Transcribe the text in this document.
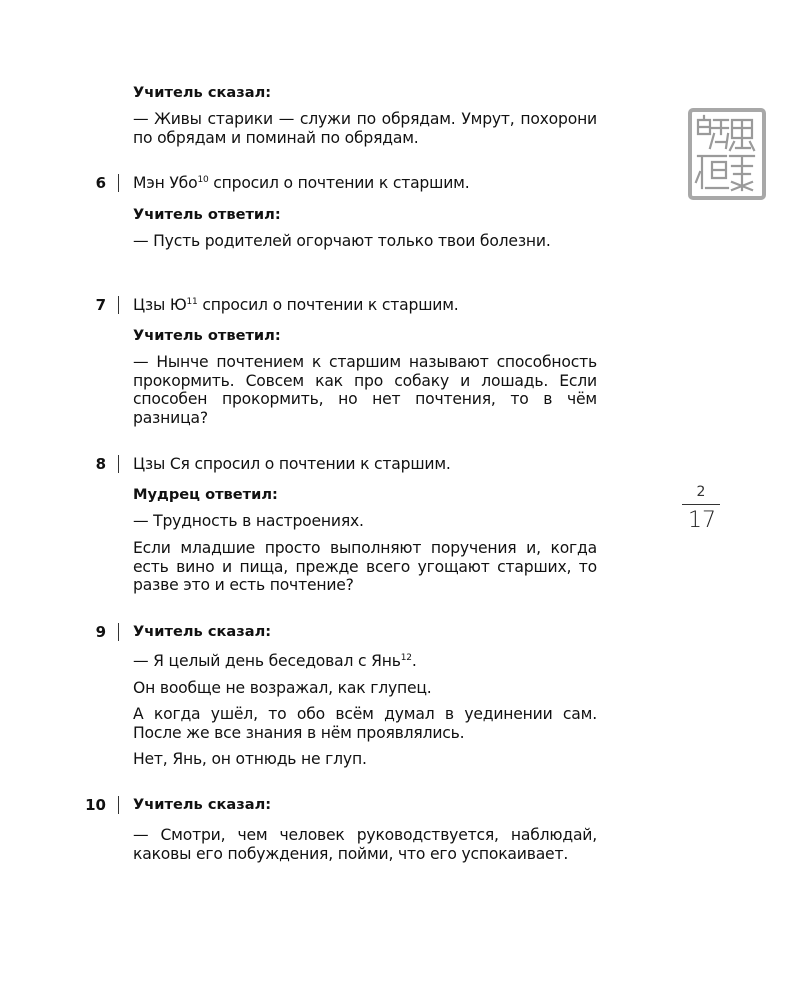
Учитель сказал:

— Живы старики — служи по обрядам. Умрут, похорони по обрядам и поминай по обрядам.

6 Мэн Убо$^{10}$ спросил о почтении к старшим.

Учитель ответил:

— Пусть родителей огорчают только твои болезни.

7 Цзы $Ю^{11}$ спросил о почтении к старшим.

Учитель ответил:

— Нынче почтением к старшим называют способность прокормить. Совсем как про собаку и лошадь. Если способен прокормить, но нет почтения, то в чём разница?

8 Цзы Ся спросил о почтении к старшим.

Мудрец ответил:

— Трудность в настроениях.

Если младшие просто выполняют поручения и, когда есть вино и пища, прежде всего угощают старших, то разве это и есть почтение?

9 Учитель сказал:

— Я целый день беседовал с Янь$^{12}$.

Он вообще не возражал, как глупец.

А когда ушёл, то обо всём думал в уединении сам. После же все знания в нём проявлялись.

Нет, Янь, он отнюдь не глуп.

10 Учитель сказал:

— Смотри, чем человек руководствуется, наблюдай, каковы его побуждения, пойми, что его успокаивает.

2
17
